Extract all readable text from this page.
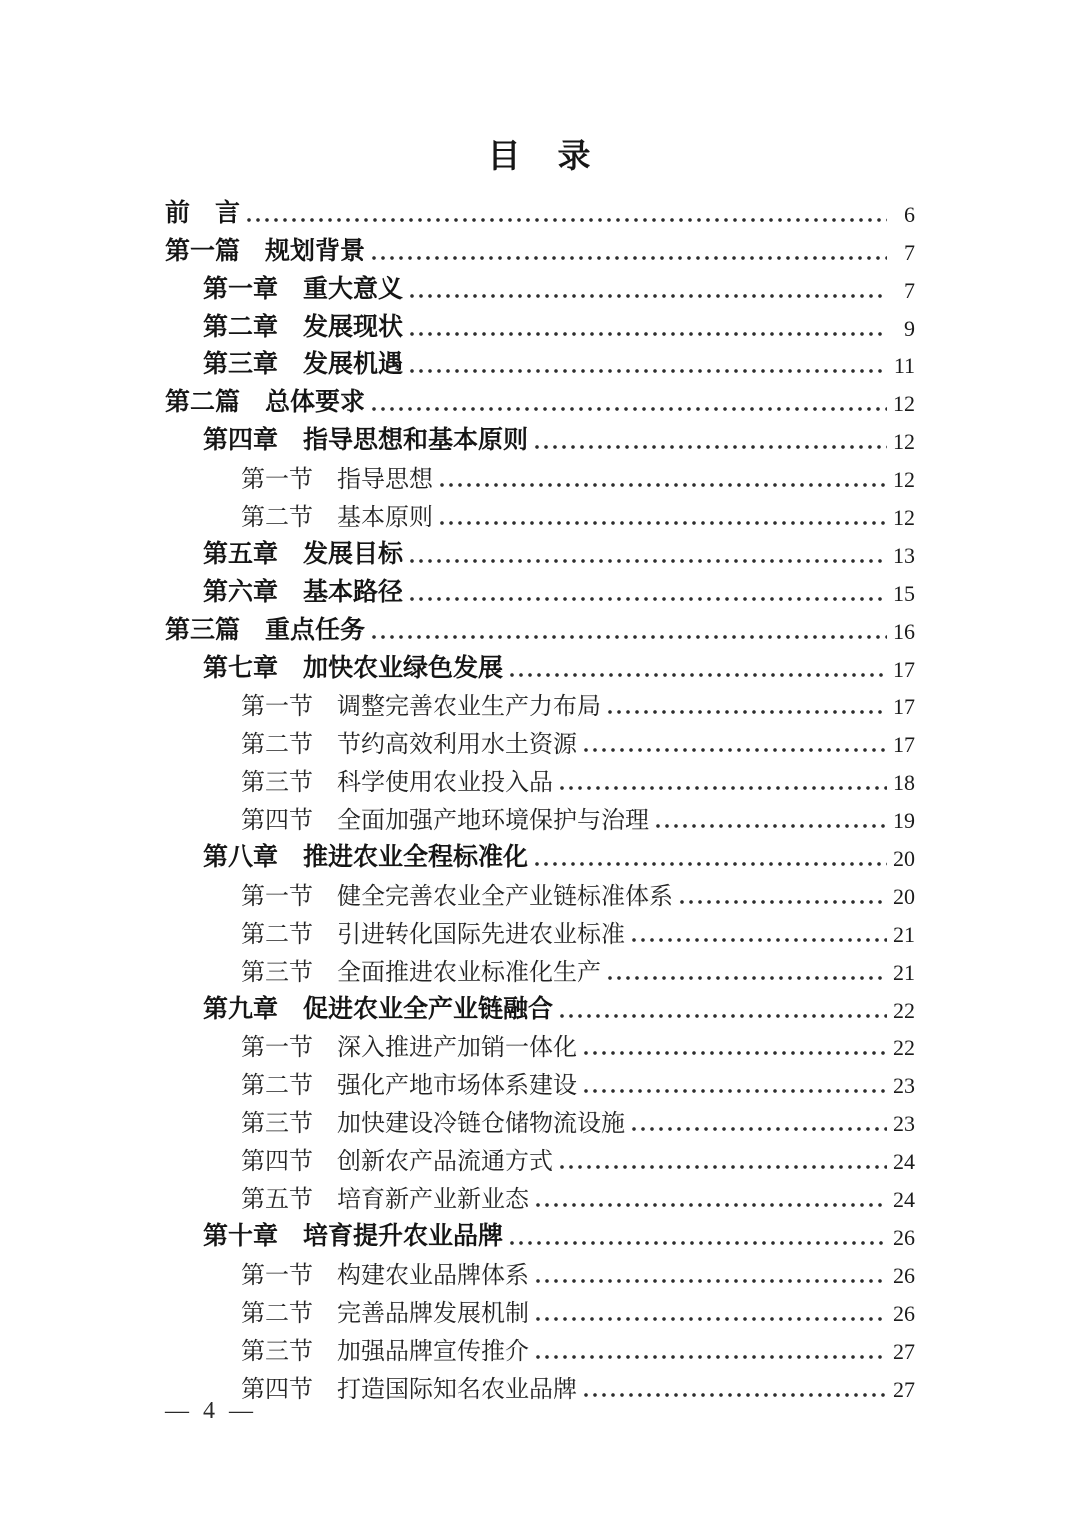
目　录
前　言	6
第一篇　规划背景	7
第一章　重大意义	7
第二章　发展现状	9
第三章　发展机遇	11
第二篇　总体要求	12
第四章　指导思想和基本原则	12
第一节　指导思想	12
第二节　基本原则	12
第五章　发展目标	13
第六章　基本路径	15
第三篇　重点任务	16
第七章　加快农业绿色发展	17
第一节　调整完善农业生产力布局	17
第二节　节约高效利用水土资源	17
第三节　科学使用农业投入品	18
第四节　全面加强产地环境保护与治理	19
第八章　推进农业全程标准化	20
第一节　健全完善农业全产业链标准体系	20
第二节　引进转化国际先进农业标准	21
第三节　全面推进农业标准化生产	21
第九章　促进农业全产业链融合	22
第一节　深入推进产加销一体化	22
第二节　强化产地市场体系建设	23
第三节　加快建设冷链仓储物流设施	23
第四节　创新农产品流通方式	24
第五节　培育新产业新业态	24
第十章　培育提升农业品牌	26
第一节　构建农业品牌体系	26
第二节　完善品牌发展机制	26
第三节　加强品牌宣传推介	27
第四节　打造国际知名农业品牌	27
— 4 —
